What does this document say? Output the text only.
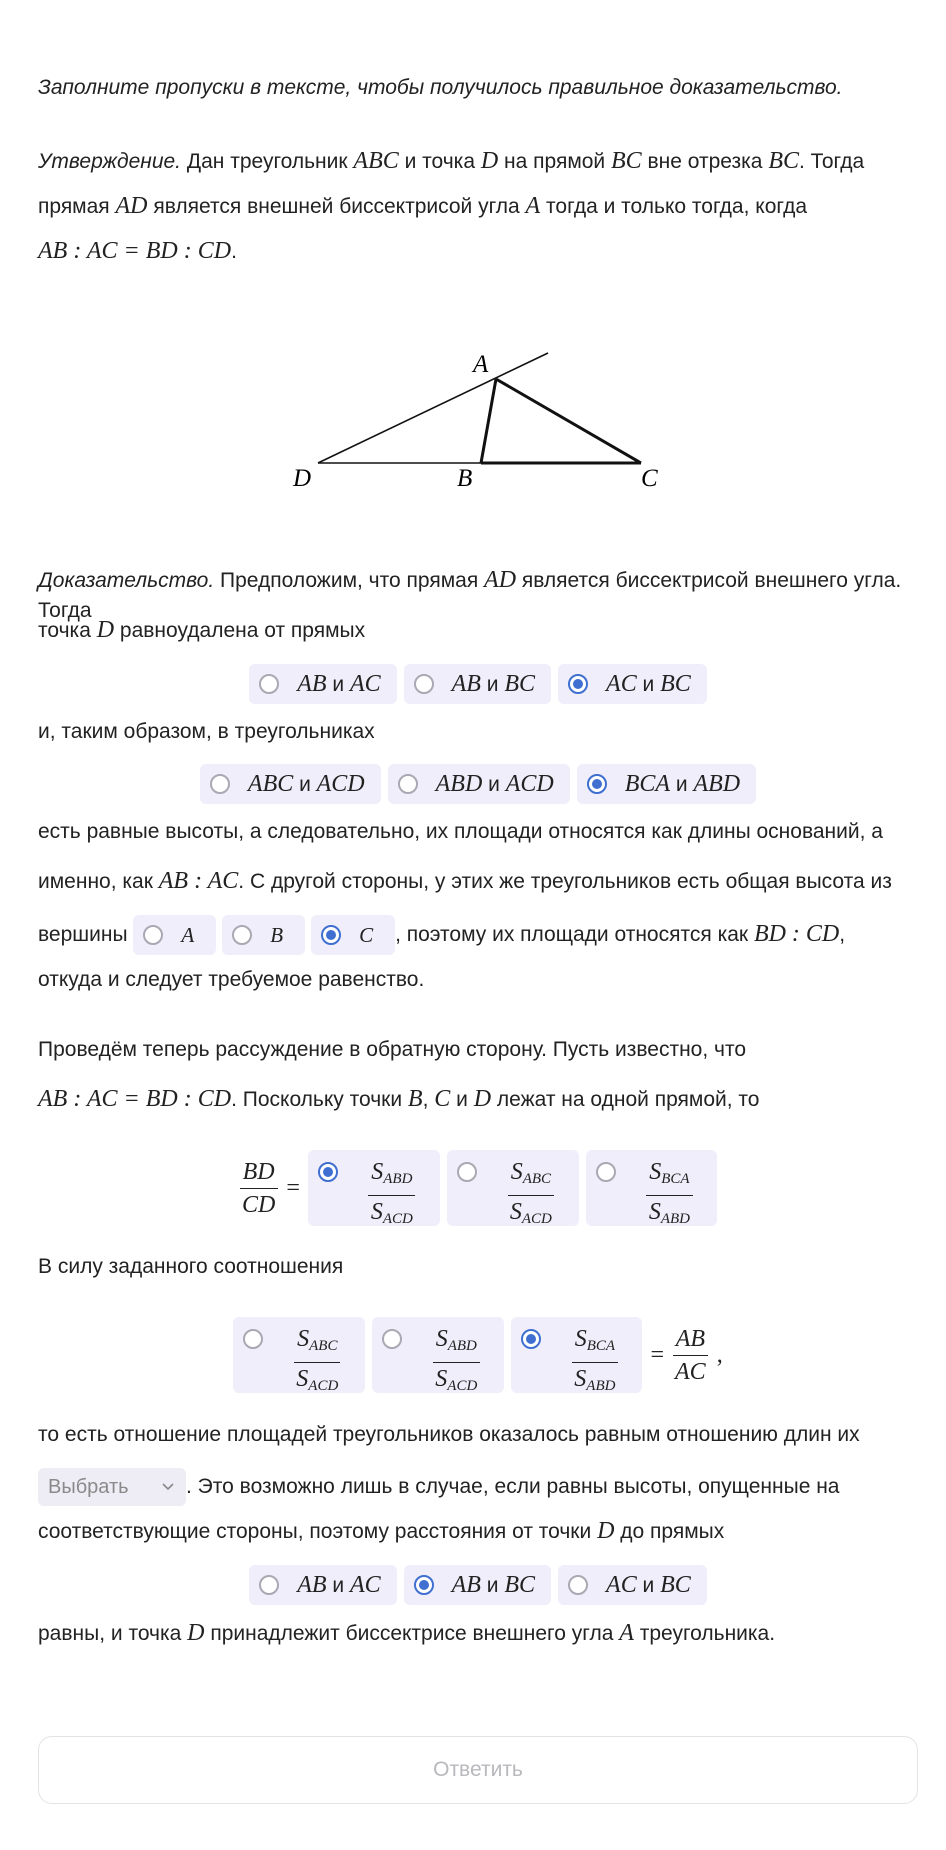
Заполните пропуски в тексте, чтобы получилось правильное доказательство.
Утверждение. Дан треугольник ABC и точка D на прямой BC вне отрезка BC. Тогда
прямая AD является внешней биссектрисой угла A тогда и только тогда, когда
AB : AC = BD : CD.
A
B	C
D
Доказательство. Предположим, что прямая AD является биссектрисой внешнего угла. Тогда
точка D равноудалена от прямых
AB и AC	AB и BC	AC и BC
и, таким образом, в треугольниках
ABC и ACD	ABD и ACD	BCA и ABD
есть равные высоты, а следовательно, их площади относятся как длины оснований, а
именно, как AB : AC. С другой стороны, у этих же треугольников есть общая высота из
вершины	A	B	C , поэтому их площади относятся как BD : CD,
откуда и следует требуемое равенство.
Проведём теперь рассуждение в обратную сторону. Пусть известно, что
AB : AC = BD : CD. Поскольку точки B, C и D лежат на одной прямой, то
$\frac{BD}{CD}$ =	$\frac{S_{ABD}}{S_{ACD}}$	$\frac{S_{ABC}}{S_{ACD}}$	$\frac{S_{BCA}}{S_{ABD}}$
В силу заданного соотношения
$\frac{S_{ABC}}{S_{ACD}}$	$\frac{S_{ABD}}{S_{ACD}}$	$\frac{S_{BCA}}{S_{ABD}} = \frac{AB}{AC}$ ,
то есть отношение площадей треугольников оказалось равным отношению длин их
Выбрать	. Это возможно лишь в случае, если равны высоты, опущенные на
соответствующие стороны, поэтому расстояния от точки D до прямых
AB и AC	AB и BC	AC и BC
равны, и точка D принадлежит биссектрисе внешнего угла A треугольника.
Ответить
